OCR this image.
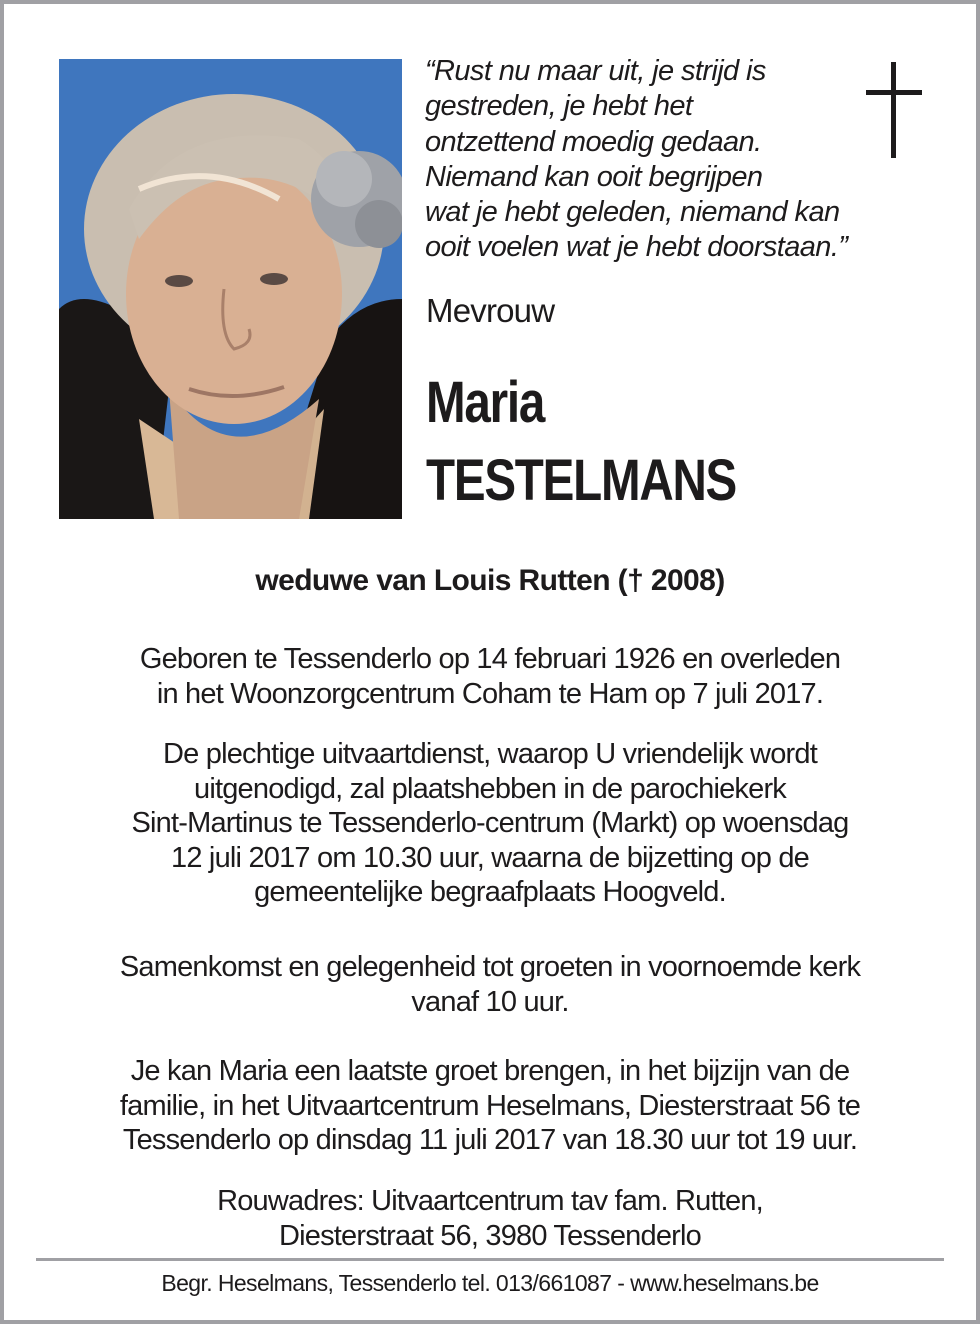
“Rust nu maar uit, je strijd is
gestreden, je hebt het
ontzettend moedig gedaan.
Niemand kan ooit begrijpen
wat je hebt geleden, niemand kan
ooit voelen wat je hebt doorstaan.”

Mevrouw
Maria
TESTELMANS
weduwe van Louis Rutten († 2008)
Geboren te Tessenderlo op 14 februari 1926 en overleden
in het Woonzorgcentrum Coham te Ham op 7 juli 2017.
De plechtige uitvaartdienst, waarop U vriendelijk wordt
uitgenodigd, zal plaatshebben in de parochiekerk
Sint-Martinus te Tessenderlo-centrum (Markt) op woensdag
12 juli 2017 om 10.30 uur, waarna de bijzetting op de
gemeentelijke begraafplaats Hoogveld.
Samenkomst en gelegenheid tot groeten in voornoemde kerk
vanaf 10 uur.
Je kan Maria een laatste groet brengen, in het bijzijn van de
familie, in het Uitvaartcentrum Heselmans, Diesterstraat 56 te
Tessenderlo op dinsdag 11 juli 2017 van 18.30 uur tot 19 uur.
Rouwadres: Uitvaartcentrum tav fam. Rutten,
Diesterstraat 56, 3980 Tessenderlo
Begr. Heselmans, Tessenderlo tel. 013/661087 - www.heselmans.be
